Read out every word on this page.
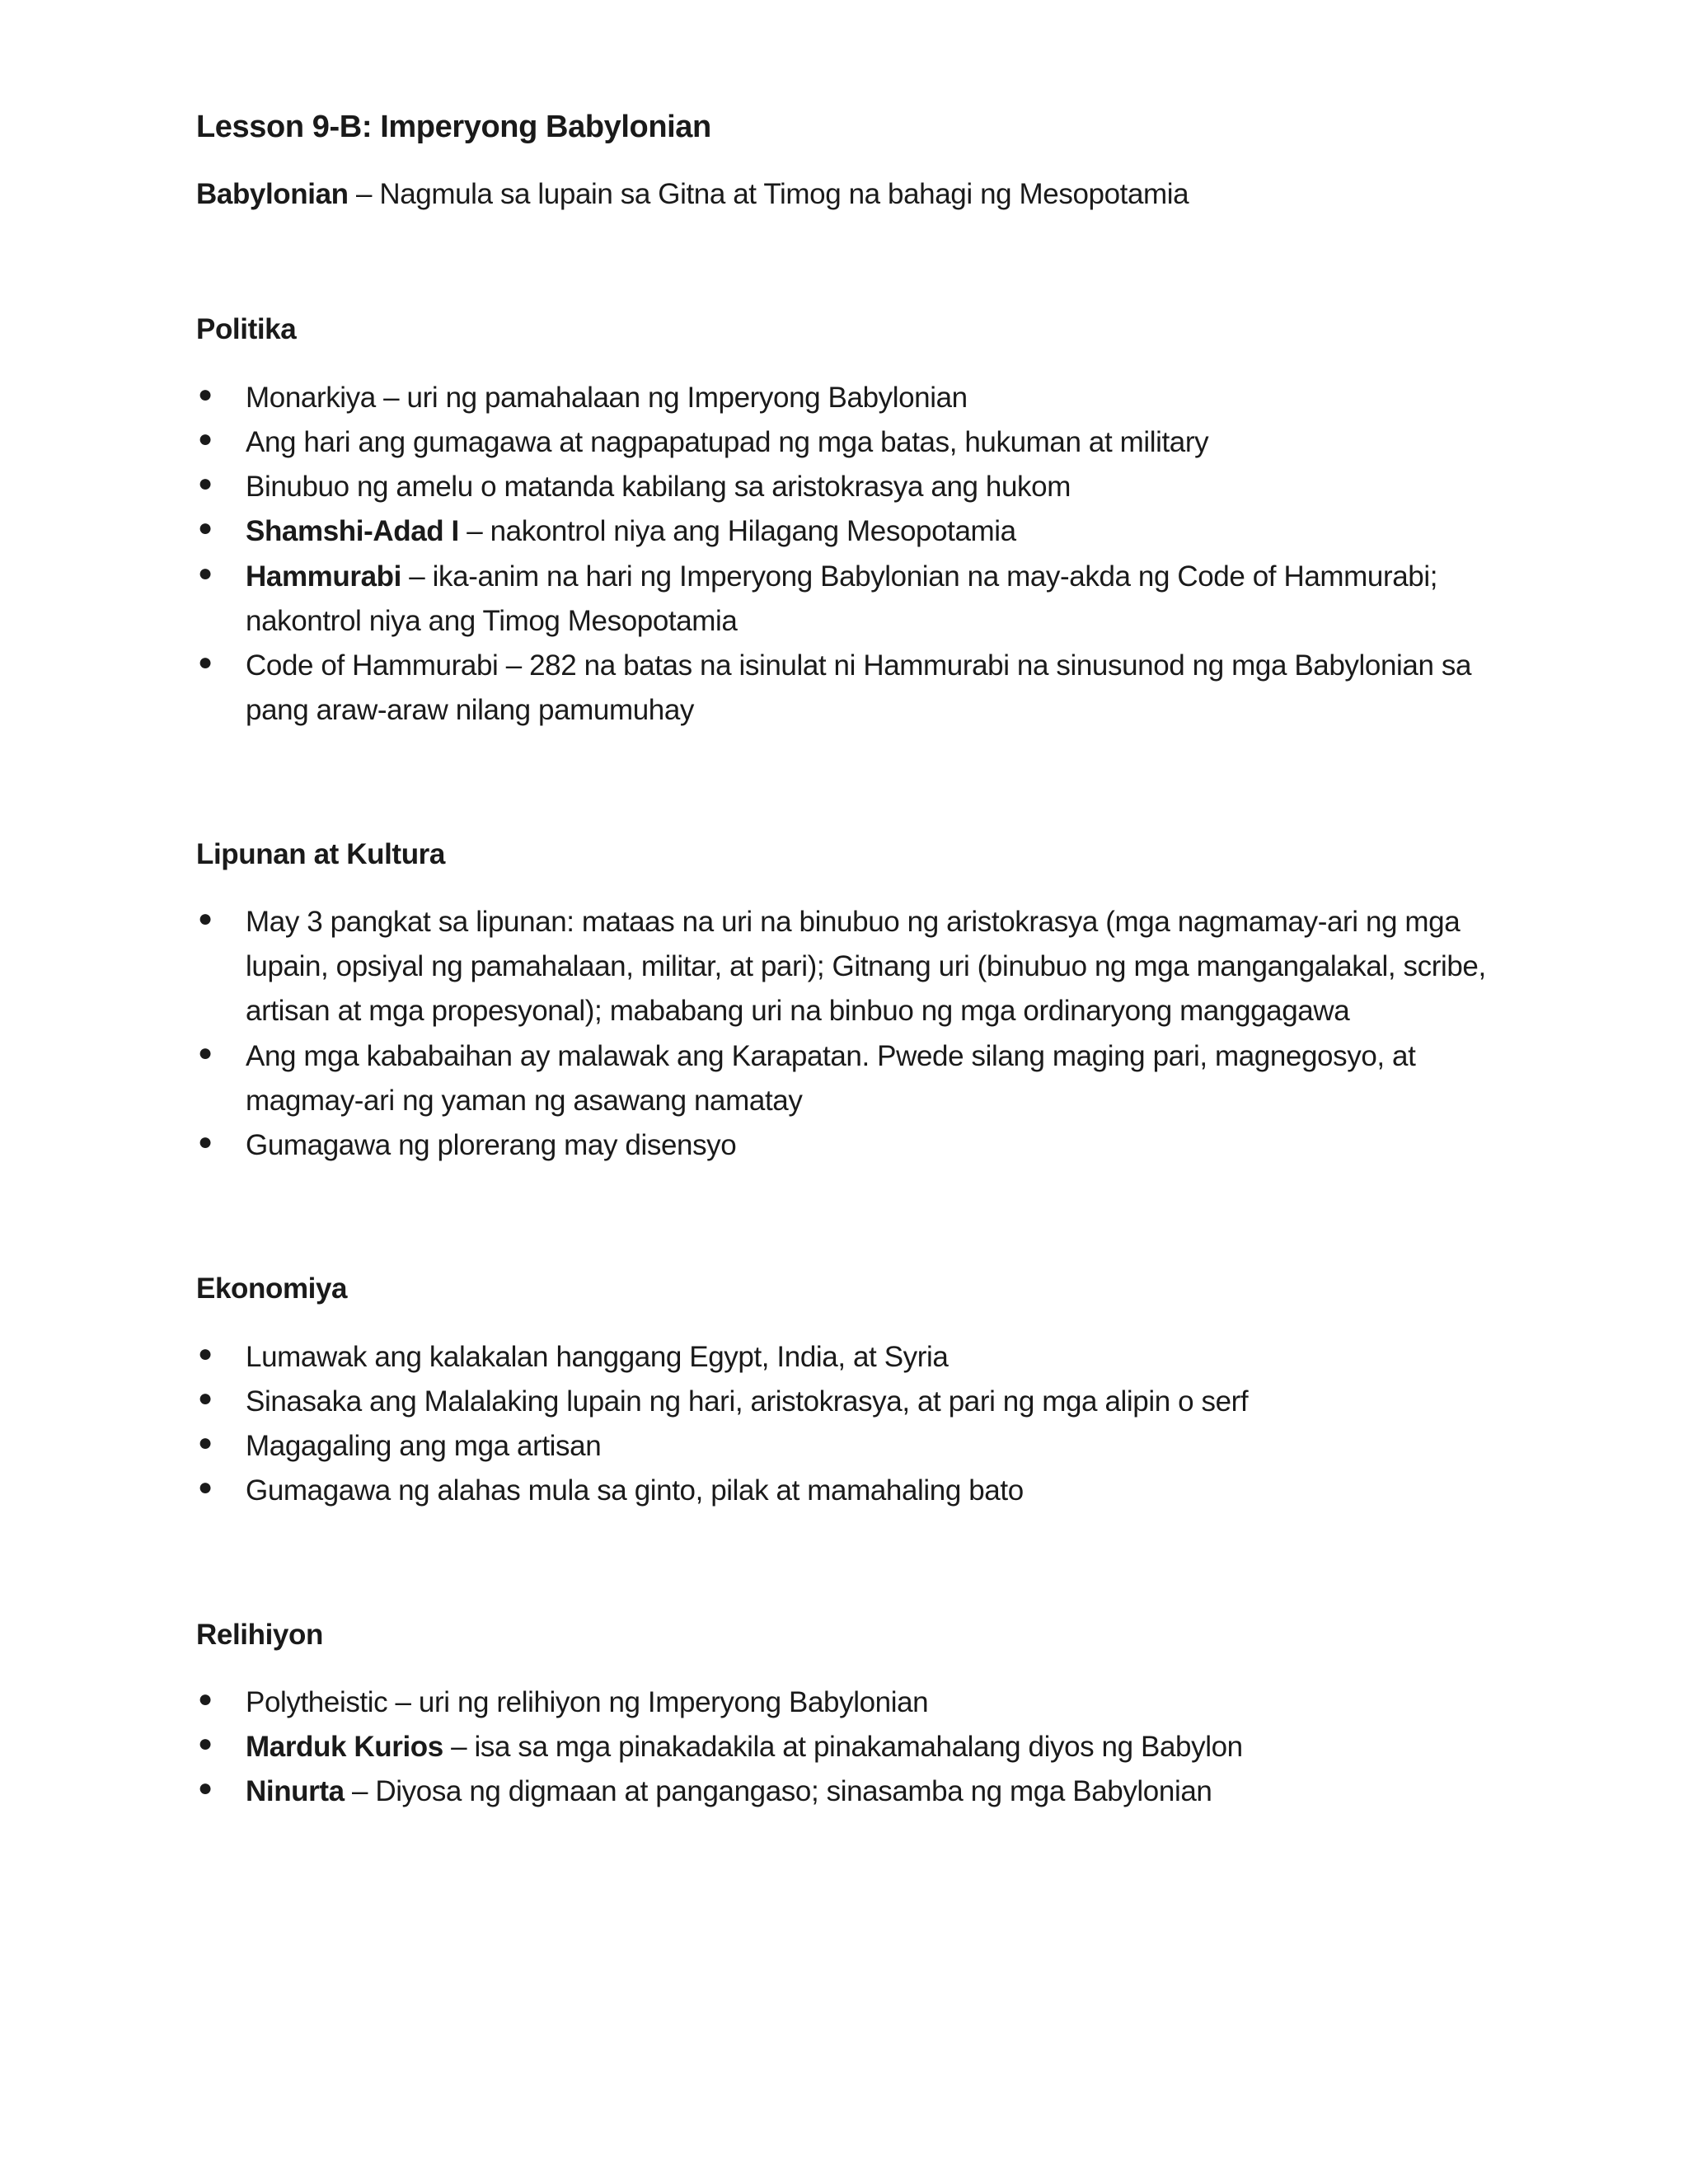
Lesson 9-B: Imperyong Babylonian
Babylonian – Nagmula sa lupain sa Gitna at Timog na bahagi ng Mesopotamia
Politika
● Monarkiya – uri ng pamahalaan ng Imperyong Babylonian
● Ang hari ang gumagawa at nagpapatupad ng mga batas, hukuman at military
● Binubuo ng amelu o matanda kabilang sa aristokrasya ang hukom
● Shamshi-Adad I – nakontrol niya ang Hilagang Mesopotamia
● Hammurabi – ika-anim na hari ng Imperyong Babylonian na may-akda ng Code of Hammurabi; nakontrol niya ang Timog Mesopotamia
● Code of Hammurabi – 282 na batas na isinulat ni Hammurabi na sinusunod ng mga Babylonian sa pang araw-araw nilang pamumuhay
Lipunan at Kultura
● May 3 pangkat sa lipunan: mataas na uri na binubuo ng aristokrasya (mga nagmamay-ari ng mga lupain, opsiyal ng pamahalaan, militar, at pari); Gitnang uri (binubuo ng mga mangangalakal, scribe, artisan at mga propesyonal); mababang uri na binbuo ng mga ordinaryong manggagawa
● Ang mga kababaihan ay malawak ang Karapatan. Pwede silang maging pari, magnegosyo, at magmay-ari ng yaman ng asawang namatay
● Gumagawa ng plorerang may disensyo
Ekonomiya
● Lumawak ang kalakalan hanggang Egypt, India, at Syria
● Sinasaka ang Malalaking lupain ng hari, aristokrasya, at pari ng mga alipin o serf
● Magagaling ang mga artisan
● Gumagawa ng alahas mula sa ginto, pilak at mamahaling bato
Relihiyon
● Polytheistic – uri ng relihiyon ng Imperyong Babylonian
● Marduk Kurios – isa sa mga pinakadakila at pinakamahalang diyos ng Babylon
● Ninurta – Diyosa ng digmaan at pangangaso; sinasamba ng mga Babylonian
